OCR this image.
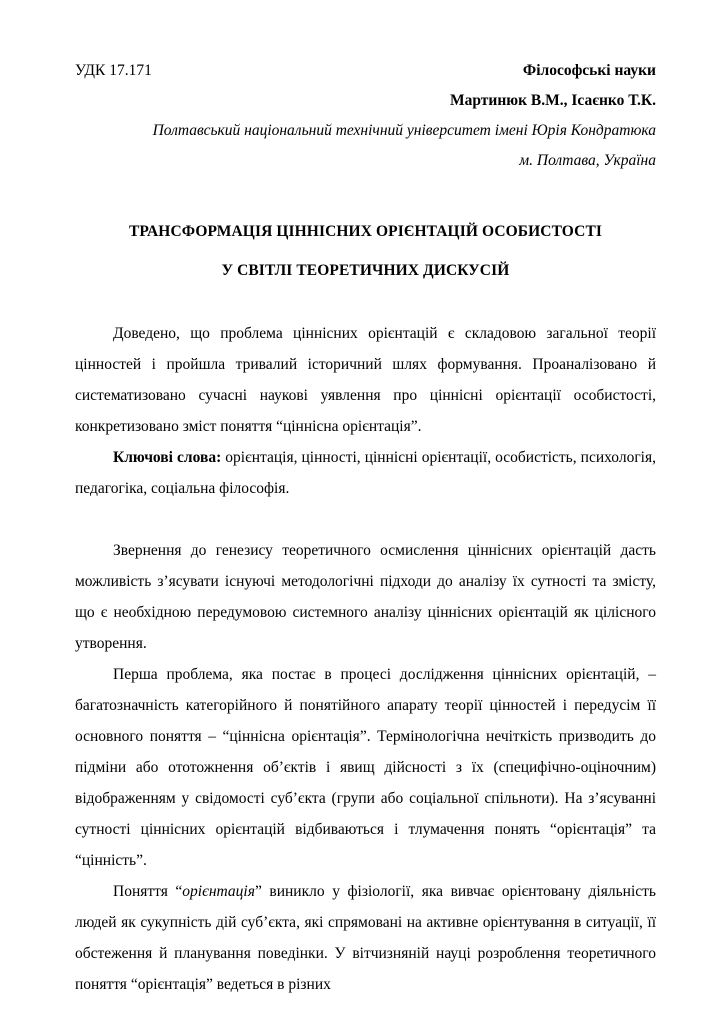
УДК 17.171	Філософські науки
Мартинюк В.М., Ісаєнко Т.К.
Полтавський національний технічний університет імені Юрія Кондратюка
м. Полтава, Україна
ТРАНСФОРМАЦІЯ ЦІННІСНИХ ОРІЄНТАЦІЙ ОСОБИСТОСТІ
У СВІТЛІ ТЕОРЕТИЧНИХ ДИСКУСІЙ

Доведено, що проблема ціннісних орієнтацій є складовою загальної теорії цінностей і пройшла тривалий історичний шлях формування. Проаналізовано й систематизовано сучасні наукові уявлення про ціннісні орієнтації особистості, конкретизовано зміст поняття “ціннісна орієнтація”.

Ключові слова: орієнтація, цінності, ціннісні орієнтації, особистість, психологія, педагогіка, соціальна філософія.

Звернення до генезису теоретичного осмислення ціннісних орієнтацій дасть можливість з’ясувати існуючі методологічні підходи до аналізу їх сутності та змісту, що є необхідною передумовою системного аналізу ціннісних орієнтацій як цілісного утворення.

Перша проблема, яка постає в процесі дослідження ціннісних орієнтацій, – багатозначність категорійного й понятійного апарату теорії цінностей і передусім її основного поняття – “ціннісна орієнтація”. Термінологічна нечіткість призводить до підміни або ототожнення об’єктів і явищ дійсності з їх (специфічно-оціночним) відображенням у свідомості суб’єкта (групи або соціальної спільноти). На з’ясуванні сутності ціннісних орієнтацій відбиваються і тлумачення понять “орієнтація” та “цінність”.

Поняття “орієнтація” виникло у фізіології, яка вивчає орієнтовану діяльність людей як сукупність дій суб’єкта, які спрямовані на активне орієнтування в ситуації, її обстеження й планування поведінки. У вітчизняній науці розроблення теоретичного поняття “орієнтація” ведеться в різних
